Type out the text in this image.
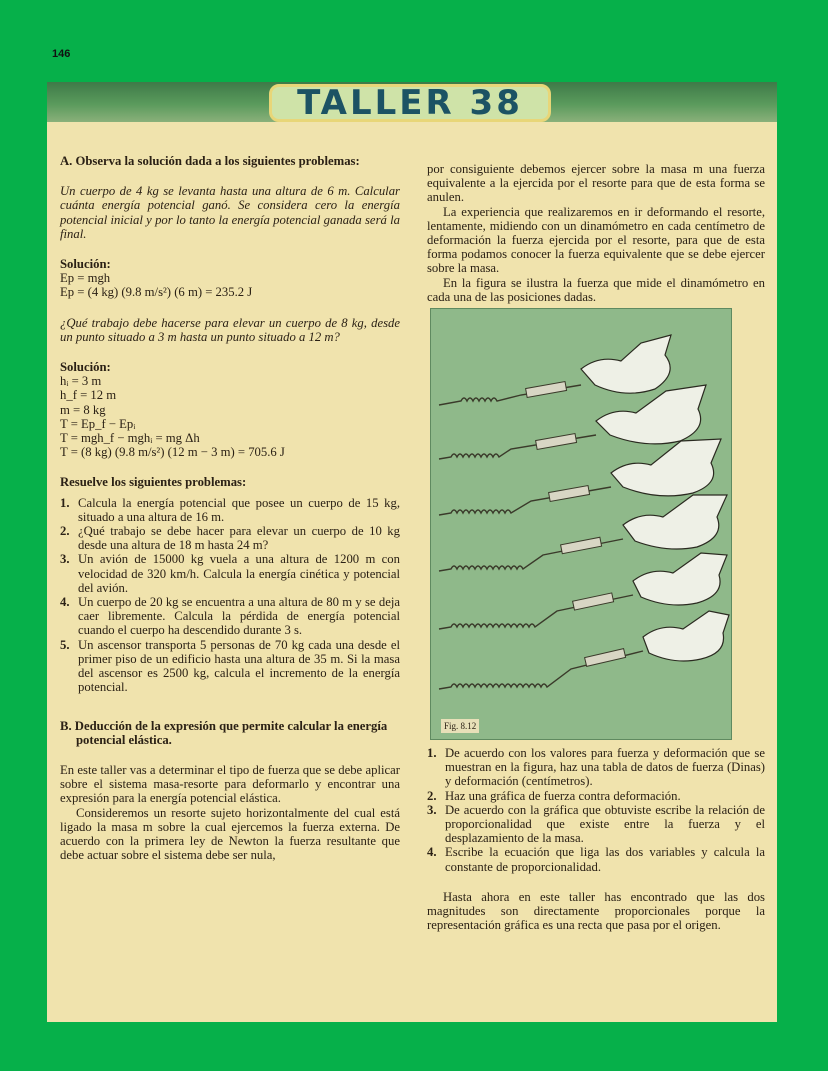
146
TALLER 38

A. Observa la solución dada a los siguientes problemas:

Un cuerpo de 4 kg se levanta hasta una altura de 6 m. Calcular cuánta energía potencial ganó. Se considera cero la energía potencial inicial y por lo tanto la energía potencial ganada será la final.

Solución:

Ep = mgh

Ep = (4 kg) (9.8 m/s²) (6 m) = 235.2 J

¿Qué trabajo debe hacerse para elevar un cuerpo de 8 kg, desde un punto situado a 3 m hasta un punto situado a 12 m?

Solución:

hᵢ = 3 m

h_f = 12 m

m = 8 kg

T = Ep_f − Epᵢ

T = mgh_f − mghᵢ = mg Δh

T = (8 kg) (9.8 m/s²) (12 m − 3 m) = 705.6 J

Resuelve los siguientes problemas:

1. Calcula la energía potencial que posee un cuerpo de 15 kg, situado a una altura de 16 m.
2. ¿Qué trabajo se debe hacer para elevar un cuerpo de 10 kg desde una altura de 18 m hasta 24 m?
3. Un avión de 15000 kg vuela a una altura de 1200 m con velocidad de 320 km/h. Calcula la energía cinética y potencial del avión.
4. Un cuerpo de 20 kg se encuentra a una altura de 80 m y se deja caer libremente. Calcula la pérdida de energía potencial cuando el cuerpo ha descendido durante 3 s.
5. Un ascensor transporta 5 personas de 70 kg cada una desde el primer piso de un edificio hasta una altura de 35 m. Si la masa del ascensor es 2500 kg, calcula el incremento de la energía potencial.

B. Deducción de la expresión que permite calcular la energía potencial elástica.

En este taller vas a determinar el tipo de fuerza que se debe aplicar sobre el sistema masa-resorte para deformarlo y encontrar una expresión para la energía potencial elástica.

Consideremos un resorte sujeto horizontalmente del cual está ligado la masa m sobre la cual ejercemos la fuerza externa. De acuerdo con la primera ley de Newton la fuerza resultante que debe actuar sobre el sistema debe ser nula,

por consiguiente debemos ejercer sobre la masa m una fuerza equivalente a la ejercida por el resorte para que de esta forma se anulen.

La experiencia que realizaremos en ir deformando el resorte, lentamente, midiendo con un dinamómetro en cada centímetro de deformación la fuerza ejercida por el resorte, para que de esta forma podamos conocer la fuerza equivalente que se debe ejercer sobre la masa.

En la figura se ilustra la fuerza que mide el dinamómetro en cada una de las posiciones dadas.

Fig. 8.12
1. De acuerdo con los valores para fuerza y deformación que se muestran en la figura, haz una tabla de datos de fuerza (Dinas) y deformación (centímetros).
2. Haz una gráfica de fuerza contra deformación.
3. De acuerdo con la gráfica que obtuviste escribe la relación de proporcionalidad que existe entre la fuerza y el desplazamiento de la masa.
4. Escribe la ecuación que liga las dos variables y calcula la constante de proporcionalidad.

Hasta ahora en este taller has encontrado que las dos magnitudes son directamente proporcionales porque la representación gráfica es una recta que pasa por el origen.
